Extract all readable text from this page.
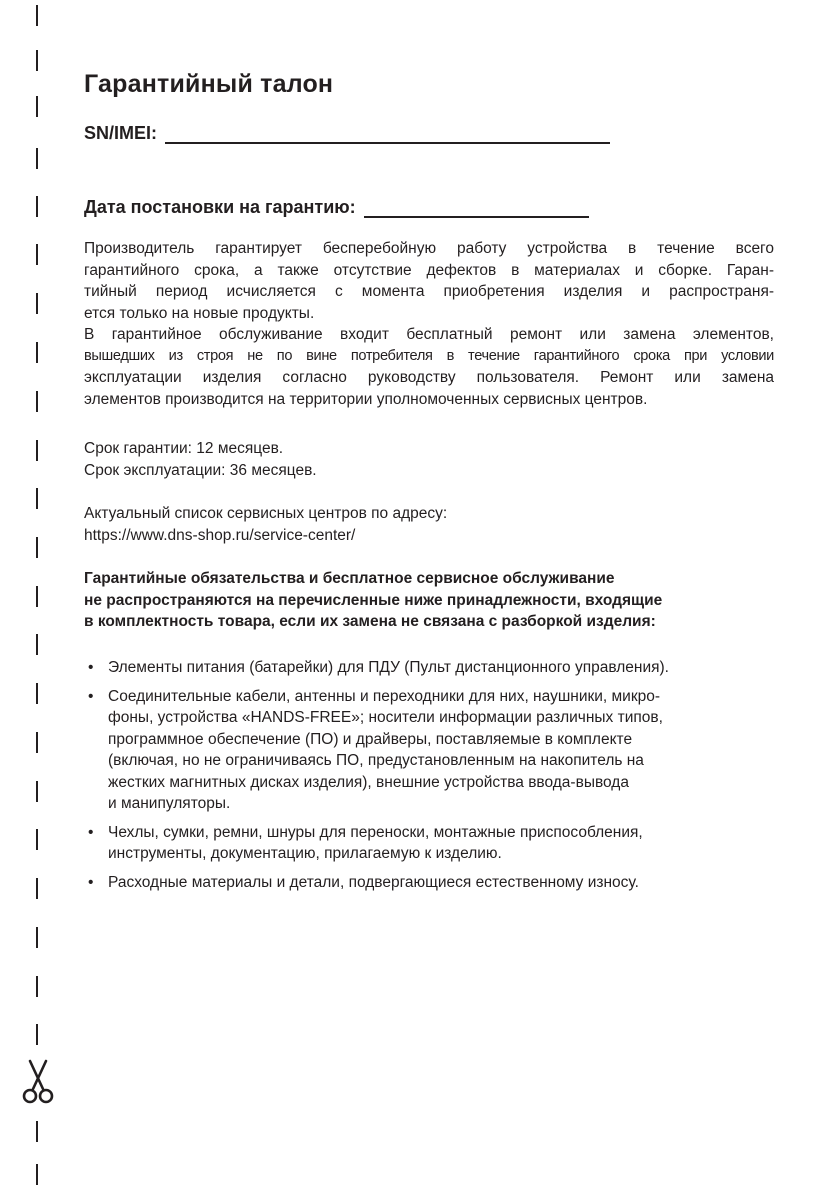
Гарантийный талон
SN/IMEI:
Дата постановки на гарантию:

Производитель гарантирует бесперебойную работу устройства в течение всего

гарантийного срока, а также отсутствие дефектов в материалах и сборке. Гаран-

тийный период исчисляется с момента приобретения изделия и распространя-

ется только на новые продукты.

В гарантийное обслуживание входит бесплатный ремонт или замена элементов,

вышедших из строя не по вине потребителя в течение гарантийного срока при условии

эксплуатации изделия согласно руководству пользователя. Ремонт или замена

элементов производится на территории уполномоченных сервисных центров.

Срок гарантии: 12 месяцев.

Срок эксплуатации: 36 месяцев.

Актуальный список сервисных центров по адресу:

https://www.dns-shop.ru/service-center/

Гарантийные обязательства и бесплатное сервисное обслуживание

не распространяются на перечисленные ниже принадлежности, входящие

в комплектность товара, если их замена не связана с разборкой изделия:

• Элементы питания (батарейки) для ПДУ (Пульт дистанционного управления).
• Соединительные кабели, антенны и переходники для них, наушники, микро-
фоны, устройства «HANDS-FREE»; носители информации различных типов,
программное обеспечение (ПО) и драйверы, поставляемые в комплекте
(включая, но не ограничиваясь ПО, предустановленным на накопитель на
жестких магнитных дисках изделия), внешние устройства ввода-вывода
и манипуляторы.
• Чехлы, сумки, ремни, шнуры для переноски, монтажные приспособления,
инструменты, документацию, прилагаемую к изделию.
• Расходные материалы и детали, подвергающиеся естественному износу.
